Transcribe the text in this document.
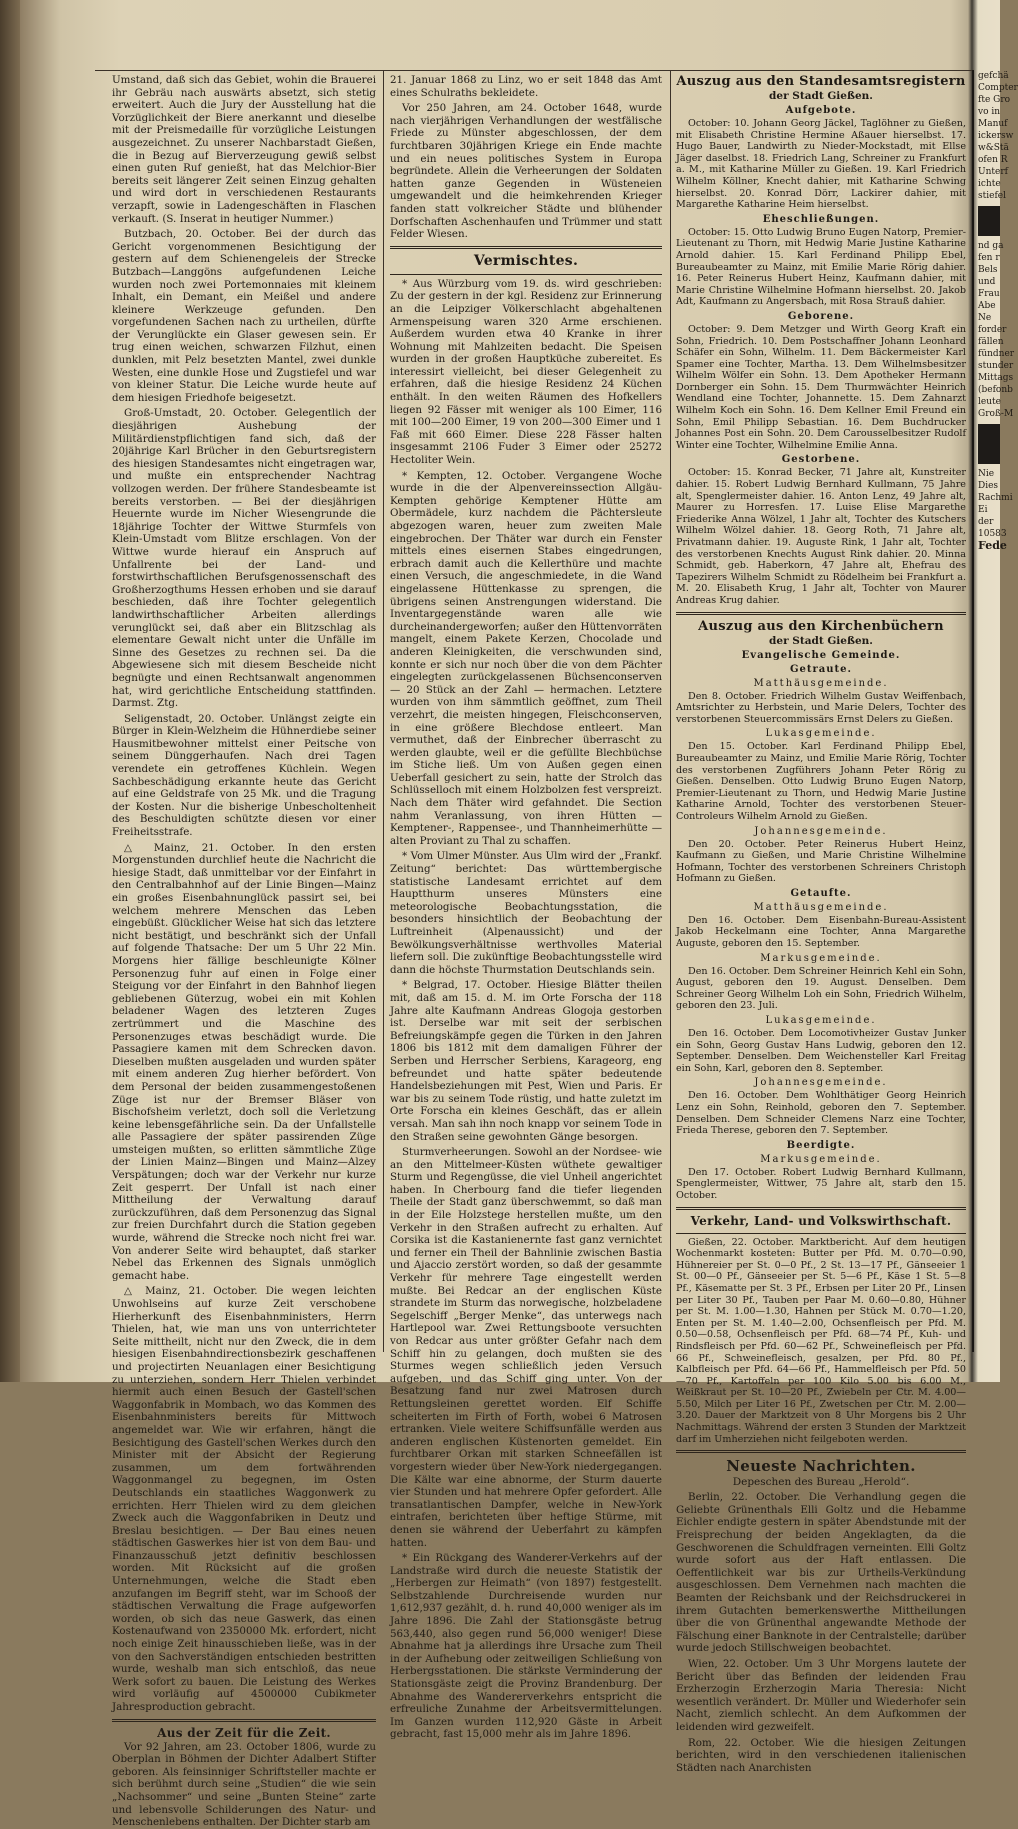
Umstand, daß sich das Gebiet, wohin die Brauerei ihr Gebräu nach auswärts absetzt, sich stetig erweitert. Auch die Jury der Ausstellung hat die Vorzüglichkeit der Biere anerkannt und dieselbe mit der Preismedaille für vorzügliche Leistungen ausgezeichnet. Zu unserer Nachbarstadt Gießen, die in Bezug auf Bierverzeugung gewiß selbst einen guten Ruf genießt, hat das Melchior-Bier bereits seit längerer Zeit seinen Einzug gehalten und wird dort in verschiedenen Restaurants verzapft, sowie in Ladengeschäften in Flaschen verkauft. (S. Inserat in heutiger Nummer.)

Butzbach, 20. October. Bei der durch das Gericht vorgenommenen Besichtigung der gestern auf dem Schienengeleis der Strecke Butzbach—Langgöns aufgefundenen Leiche wurden noch zwei Portemonnaies mit kleinem Inhalt, ein Demant, ein Meißel und andere kleinere Werkzeuge gefunden. Den vorgefundenen Sachen nach zu urtheilen, dürfte der Verunglückte ein Glaser gewesen sein. Er trug einen weichen, schwarzen Filzhut, einen dunklen, mit Pelz besetzten Mantel, zwei dunkle Westen, eine dunkle Hose und Zugstiefel und war von kleiner Statur. Die Leiche wurde heute auf dem hiesigen Friedhofe beigesetzt.

Groß-Umstadt, 20. October. Gelegentlich der diesjährigen Aushebung der Militärdienstpflichtigen fand sich, daß der 20jährige Karl Brücher in den Geburtsregistern des hiesigen Standesamtes nicht eingetragen war, und mußte ein entsprechender Nachtrag vollzogen werden. Der frühere Standesbeamte ist bereits verstorben. — Bei der diesjährigen Heuernte wurde im Nicher Wiesengrunde die 18jährige Tochter der Wittwe Sturmfels von Klein-Umstadt vom Blitze erschlagen. Von der Wittwe wurde hierauf ein Anspruch auf Unfallrente bei der Land- und forstwirthschaftlichen Berufsgenossenschaft des Großherzogthums Hessen erhoben und sie darauf beschieden, daß ihre Tochter gelegentlich landwirthschaftlicher Arbeiten allerdings verunglückt sei, daß aber ein Blitzschlag als elementare Gewalt nicht unter die Unfälle im Sinne des Gesetzes zu rechnen sei. Da die Abgewiesene sich mit diesem Bescheide nicht begnügte und einen Rechtsanwalt angenommen hat, wird gerichtliche Entscheidung stattfinden. Darmst. Ztg.

Seligenstadt, 20. October. Unlängst zeigte ein Bürger in Klein-Welzheim die Hühnerdiebe seiner Hausmitbewohner mittelst einer Peitsche von seinem Dünggerhaufen. Nach drei Tagen verendete ein getroffenes Küchlein. Wegen Sachbeschädigung erkannte heute das Gericht auf eine Geldstrafe von 25 Mk. und die Tragung der Kosten. Nur die bisherige Unbescholtenheit des Beschuldigten schützte diesen vor einer Freiheitsstrafe.

△ Mainz, 21. October. In den ersten Morgenstunden durchlief heute die Nachricht die hiesige Stadt, daß unmittelbar vor der Einfahrt in den Centralbahnhof auf der Linie Bingen—Mainz ein großes Eisenbahnunglück passirt sei, bei welchem mehrere Menschen das Leben eingebüßt. Glücklicher Weise hat sich das letztere nicht bestätigt, und beschränkt sich der Unfall auf folgende Thatsache: Der um 5 Uhr 22 Min. Morgens hier fällige beschleunigte Kölner Personenzug fuhr auf einen in Folge einer Steigung vor der Einfahrt in den Bahnhof liegen gebliebenen Güterzug, wobei ein mit Kohlen beladener Wagen des letzteren Zuges zertrümmert und die Maschine des Personenzuges etwas beschädigt wurde. Die Passagiere kamen mit dem Schrecken davon. Dieselben mußten ausgeladen und wurden später mit einem anderen Zug hierher befördert. Von dem Personal der beiden zusammengestoßenen Züge ist nur der Bremser Bläser von Bischofsheim verletzt, doch soll die Verletzung keine lebensgefährliche sein. Da der Unfallstelle alle Passagiere der später passirenden Züge umsteigen mußten, so erlitten sämmtliche Züge der Linien Mainz—Bingen und Mainz—Alzey Verspätungen; doch war der Verkehr nur kurze Zeit gesperrt. Der Unfall ist nach einer Mittheilung der Verwaltung darauf zurückzuführen, daß dem Personenzug das Signal zur freien Durchfahrt durch die Station gegeben wurde, während die Strecke noch nicht frei war. Von anderer Seite wird behauptet, daß starker Nebel das Erkennen des Signals unmöglich gemacht habe.

△ Mainz, 21. October. Die wegen leichten Unwohlseins auf kurze Zeit verschobene Hierherkunft des Eisenbahnministers, Herrn Thielen, hat, wie man uns von unterrichteter Seite mittheilt, nicht nur den Zweck, die in dem hiesigen Eisenbahndirectionsbezirk geschaffenen und projectirten Neuanlagen einer Besichtigung zu unterziehen, sondern Herr Thielen verbindet hiermit auch einen Besuch der Gastell'schen Waggonfabrik in Mombach, wo das Kommen des Eisenbahnministers bereits für Mittwoch angemeldet war. Wie wir erfahren, hängt die Besichtigung des Gastell'schen Werkes durch den Minister mit der Absicht der Regierung zusammen, um dem fortwährenden Waggonmangel zu begegnen, im Osten Deutschlands ein staatliches Waggonwerk zu errichten. Herr Thielen wird zu dem gleichen Zweck auch die Waggonfabriken in Deutz und Breslau besichtigen. — Der Bau eines neuen städtischen Gaswerkes hier ist von dem Bau- und Finanzausschuß jetzt definitiv beschlossen worden. Mit Rücksicht auf die großen Unternehmungen, welche die Stadt eben anzufangen im Begriff steht, war im Schooß der städtischen Verwaltung die Frage aufgeworfen worden, ob sich das neue Gaswerk, das einen Kostenaufwand von 2350000 Mk. erfordert, nicht noch einige Zeit hinausschieben ließe, was in der von den Sachverständigen entschieden bestritten wurde, weshalb man sich entschloß, das neue Werk sofort zu bauen. Die Leistung des Werkes wird vorläufig auf 4500000 Cubikmeter Jahresproduction gebracht.

Aus der Zeit für die Zeit.

Vor 92 Jahren, am 23. October 1806, wurde zu Oberplan in Böhmen der Dichter Adalbert Stifter geboren. Als feinsinniger Schriftsteller machte er sich berühmt durch seine „Studien“ die wie sein „Nachsommer“ und seine „Bunten Steine“ zarte und lebensvolle Schilderungen des Natur- und Menschenlebens enthalten. Der Dichter starb am

21. Januar 1868 zu Linz, wo er seit 1848 das Amt eines Schulraths bekleidete.

Vor 250 Jahren, am 24. October 1648, wurde nach vierjährigen Verhandlungen der westfälische Friede zu Münster abgeschlossen, der dem furchtbaren 30jährigen Kriege ein Ende machte und ein neues politisches System in Europa begründete. Allein die Verheerungen der Soldaten hatten ganze Gegenden in Wüsteneien umgewandelt und die heimkehrenden Krieger fanden statt volkreicher Städte und blühender Dorfschaften Aschenhaufen und Trümmer und statt Felder Wiesen.

Vermischtes.

* Aus Würzburg vom 19. ds. wird geschrieben: Zu der gestern in der kgl. Residenz zur Erinnerung an die Leipziger Völkerschlacht abgehaltenen Armenspeisung waren 320 Arme erschienen. Außerdem wurden etwa 40 Kranke in ihrer Wohnung mit Mahlzeiten bedacht. Die Speisen wurden in der großen Hauptküche zubereitet. Es interessirt vielleicht, bei dieser Gelegenheit zu erfahren, daß die hiesige Residenz 24 Küchen enthält. In den weiten Räumen des Hofkellers liegen 92 Fässer mit weniger als 100 Eimer, 116 mit 100—200 Eimer, 19 von 200—300 Eimer und 1 Faß mit 660 Eimer. Diese 228 Fässer halten insgesammt 2106 Fuder 3 Eimer oder 25272 Hectoliter Wein.

* Kempten, 12. October. Vergangene Woche wurde in die der Alpenvereinssection Allgäu-Kempten gehörige Kemptener Hütte am Obermädele, kurz nachdem die Pächtersleute abgezogen waren, heuer zum zweiten Male eingebrochen. Der Thäter war durch ein Fenster mittels eines eisernen Stabes eingedrungen, erbrach damit auch die Kellerthüre und machte einen Versuch, die angeschmiedete, in die Wand eingelassene Hüttenkasse zu sprengen, die übrigens seinen Anstrengungen widerstand. Die Inventargegenstände waren alle wie durcheinandergeworfen; außer den Hüttenvorräten mangelt, einem Pakete Kerzen, Chocolade und anderen Kleinigkeiten, die verschwunden sind, konnte er sich nur noch über die von dem Pächter eingelegten zurückgelassenen Büchsenconserven — 20 Stück an der Zahl — hermachen. Letztere wurden von ihm sämmtlich geöffnet, zum Theil verzehrt, die meisten hingegen, Fleischconserven, in eine größere Blechdose entleert. Man vermuthet, daß der Einbrecher überrascht zu werden glaubte, weil er die gefüllte Blechbüchse im Stiche ließ. Um von Außen gegen einen Ueberfall gesichert zu sein, hatte der Strolch das Schlüsselloch mit einem Holzbolzen fest verspreizt. Nach dem Thäter wird gefahndet. Die Section nahm Veranlassung, von ihren Hütten — Kemptener-, Rappensee-, und Thannheimerhütte — alten Proviant zu Thal zu schaffen.

* Vom Ulmer Münster. Aus Ulm wird der „Frankf. Zeitung“ berichtet: Das württembergische statistische Landesamt errichtet auf dem Hauptthurm unseres Münsters eine meteorologische Beobachtungsstation, die besonders hinsichtlich der Beobachtung der Luftreinheit (Alpenaussicht) und der Bewölkungsverhältnisse werthvolles Material liefern soll. Die zukünftige Beobachtungsstelle wird dann die höchste Thurmstation Deutschlands sein.

* Belgrad, 17. October. Hiesige Blätter theilen mit, daß am 15. d. M. im Orte Forscha der 118 Jahre alte Kaufmann Andreas Glogoja gestorben ist. Derselbe war mit seit der serbischen Befreiungskämpfe gegen die Türken in den Jahren 1806 bis 1812 mit dem damaligen Führer der Serben und Herrscher Serbiens, Karageorg, eng befreundet und hatte später bedeutende Handelsbeziehungen mit Pest, Wien und Paris. Er war bis zu seinem Tode rüstig, und hatte zuletzt im Orte Forscha ein kleines Geschäft, das er allein versah. Man sah ihn noch knapp vor seinem Tode in den Straßen seine gewohnten Gänge besorgen.

Sturmverheerungen. Sowohl an der Nordsee- wie an den Mittelmeer-Küsten wüthete gewaltiger Sturm und Regengüsse, die viel Unheil angerichtet haben. In Cherbourg fand die tiefer liegenden Theile der Stadt ganz überschwemmt, so daß man in der Eile Holzstege herstellen mußte, um den Verkehr in den Straßen aufrecht zu erhalten. Auf Corsika ist die Kastanienernte fast ganz vernichtet und ferner ein Theil der Bahnlinie zwischen Bastia und Ajaccio zerstört worden, so daß der gesammte Verkehr für mehrere Tage eingestellt werden mußte. Bei Redcar an der englischen Küste strandete im Sturm das norwegische, holzbeladene Segelschiff „Berger Menke“, das unterwegs nach Hartlepool war. Zwei Rettungsboote versuchten von Redcar aus unter größter Gefahr nach dem Schiff hin zu gelangen, doch mußten sie des Sturmes wegen schließlich jeden Versuch aufgeben, und das Schiff ging unter. Von der Besatzung fand nur zwei Matrosen durch Rettungsleinen gerettet worden. Elf Schiffe scheiterten im Firth of Forth, wobei 6 Matrosen ertranken. Viele weitere Schiffsunfälle werden aus anderen englischen Küstenorten gemeldet. Ein furchtbarer Orkan mit starken Schneefällen ist vorgestern wieder über New-York niedergegangen. Die Kälte war eine abnorme, der Sturm dauerte vier Stunden und hat mehrere Opfer gefordert. Alle transatlantischen Dampfer, welche in New-York eintrafen, berichteten über heftige Stürme, mit denen sie während der Ueberfahrt zu kämpfen hatten.

* Ein Rückgang des Wanderer-Verkehrs auf der Landstraße wird durch die neueste Statistik der „Herbergen zur Heimath“ (von 1897) festgestellt. Selbstzahlende Durchreisende wurden nur 1,612,937 gezählt, d. h. rund 40,000 weniger als im Jahre 1896. Die Zahl der Stationsgäste betrug 563,440, also gegen rund 56,000 weniger! Diese Abnahme hat ja allerdings ihre Ursache zum Theil in der Aufhebung oder zeitweiligen Schließung von Herbergsstationen. Die stärkste Verminderung der Stationsgäste zeigt die Provinz Brandenburg. Der Abnahme des Wandererverkehrs entspricht die erfreuliche Zunahme der Arbeitsvermittelungen. Im Ganzen wurden 112,920 Gäste in Arbeit gebracht, fast 15,000 mehr als im Jahre 1896.

Auszug aus den Standesamtsregistern
der Stadt Gießen.
Aufgebote.

October: 10. Johann Georg Jäckel, Taglöhner zu Gießen, mit Elisabeth Christine Hermine Aßauer hierselbst. 17. Hugo Bauer, Landwirth zu Nieder-Mockstadt, mit Ellse Jäger daselbst. 18. Friedrich Lang, Schreiner zu Frankfurt a. M., mit Katharine Müller zu Gießen. 19. Karl Friedrich Wilhelm Köllner, Knecht dahier, mit Katharine Schwing hierselbst. 20. Konrad Dörr, Lackirer dahier, mit Margarethe Katharine Heim hierselbst.

Eheschließungen.

October: 15. Otto Ludwig Bruno Eugen Natorp, Premier-Lieutenant zu Thorn, mit Hedwig Marie Justine Katharine Arnold dahier. 15. Karl Ferdinand Philipp Ebel, Bureaubeamter zu Mainz, mit Emilie Marie Rörig dahier. 16. Peter Reinerus Hubert Heinz, Kaufmann dahier, mit Marie Christine Wilhelmine Hofmann hierselbst. 20. Jakob Adt, Kaufmann zu Angersbach, mit Rosa Strauß dahier.

Geborene.

October: 9. Dem Metzger und Wirth Georg Kraft ein Sohn, Friedrich. 10. Dem Postschaffner Johann Leonhard Schäfer ein Sohn, Wilhelm. 11. Dem Bäckermeister Karl Spamer eine Tochter, Martha. 13. Dem Wilhelmsbesitzer Wilhelm Wölfer ein Sohn. 13. Dem Apotheker Hermann Dornberger ein Sohn. 15. Dem Thurmwächter Heinrich Wendland eine Tochter, Johannette. 15. Dem Zahnarzt Wilhelm Koch ein Sohn. 16. Dem Kellner Emil Freund ein Sohn, Emil Philipp Sebastian. 16. Dem Buchdrucker Johannes Post ein Sohn. 20. Dem Carousselbesitzer Rudolf Winter eine Tochter, Wilhelmine Emilie Anna.

Gestorbene.

October: 15. Konrad Becker, 71 Jahre alt, Kunstreiter dahier. 15. Robert Ludwig Bernhard Kullmann, 75 Jahre alt, Spenglermeister dahier. 16. Anton Lenz, 49 Jahre alt, Maurer zu Horresfen. 17. Luise Elise Margarethe Friederike Anna Wölzel, 1 Jahr alt, Tochter des Kutschers Wilhelm Wölzel dahier. 18. Georg Roth, 71 Jahre alt, Privatmann dahier. 19. Auguste Rink, 1 Jahr alt, Tochter des verstorbenen Knechts August Rink dahier. 20. Minna Schmidt, geb. Haberkorn, 47 Jahre alt, Ehefrau des Tapezirers Wilhelm Schmidt zu Rödelheim bei Frankfurt a. M. 20. Elisabeth Krug, 1 Jahr alt, Tochter von Maurer Andreas Krug dahier.

Auszug aus den Kirchenbüchern
der Stadt Gießen.
Evangelische Gemeinde.
Getraute.
Matthäusgemeinde.

Den 8. October. Friedrich Wilhelm Gustav Weiffenbach, Amtsrichter zu Herbstein, und Marie Delers, Tochter des verstorbenen Steuercommissärs Ernst Delers zu Gießen.

Lukasgemeinde.

Den 15. October. Karl Ferdinand Philipp Ebel, Bureaubeamter zu Mainz, und Emilie Marie Rörig, Tochter des verstorbenen Zugführers Johann Peter Rörig zu Gießen. Denselben. Otto Ludwig Bruno Eugen Natorp, Premier-Lieutenant zu Thorn, und Hedwig Marie Justine Katharine Arnold, Tochter des verstorbenen Steuer-Controleurs Wilhelm Arnold zu Gießen.

Johannesgemeinde.

Den 20. October. Peter Reinerus Hubert Heinz, Kaufmann zu Gießen, und Marie Christine Wilhelmine Hofmann, Tochter des verstorbenen Schreiners Christoph Hofmann zu Gießen.

Getaufte.
Matthäusgemeinde.

Den 16. October. Dem Eisenbahn-Bureau-Assistent Jakob Heckelmann eine Tochter, Anna Margarethe Auguste, geboren den 15. September.

Markusgemeinde.

Den 16. October. Dem Schreiner Heinrich Kehl ein Sohn, August, geboren den 19. August. Denselben. Dem Schreiner Georg Wilhelm Loh ein Sohn, Friedrich Wilhelm, geboren den 23. Juli.

Lukasgemeinde.

Den 16. October. Dem Locomotivheizer Gustav Junker ein Sohn, Georg Gustav Hans Ludwig, geboren den 12. September. Denselben. Dem Weichensteller Karl Freitag ein Sohn, Karl, geboren den 8. September.

Johannesgemeinde.

Den 16. October. Dem Wohlthätiger Georg Heinrich Lenz ein Sohn, Reinhold, geboren den 7. September. Denselben. Dem Schneider Clemens Narz eine Tochter, Frieda Therese, geboren den 7. September.

Beerdigte.
Markusgemeinde.

Den 17. October. Robert Ludwig Bernhard Kullmann, Spenglermeister, Wittwer, 75 Jahre alt, starb den 15. October.

Verkehr, Land- und Volkswirthschaft.

Gießen, 22. October. Marktbericht. Auf dem heutigen Wochenmarkt kosteten: Butter per Pfd. M. 0.70—0.90, Hühnereier per St. 0—0 Pf., 2 St. 13—17 Pf., Gänseeier 1 St. 00—0 Pf., Gänseeier per St. 5—6 Pf., Käse 1 St. 5—8 Pf., Käsematte per St. 3 Pf., Erbsen per Liter 20 Pf., Linsen per Liter 30 Pf., Tauben per Paar M. 0.60—0.80, Hühner per St. M. 1.00—1.30, Hahnen per Stück M. 0.70—1.20, Enten per St. M. 1.40—2.00, Ochsenfleisch per Pfd. M. 0.50—0.58, Ochsenfleisch per Pfd. 68—74 Pf., Kuh- und Rindsfleisch per Pfd. 60—62 Pf., Schweinefleisch per Pfd. 66 Pf., Schweinefleisch, gesalzen, per Pfd. 80 Pf., Kalbfleisch per Pfd. 64—66 Pf., Hammelfleisch per Pfd. 50—70 Pf., Kartoffeln per 100 Kilo 5.00 bis 6.00 M., Weißkraut per St. 10—20 Pf., Zwiebeln per Ctr. M. 4.00—5.50, Milch per Liter 16 Pf., Zwetschen per Ctr. M. 2.00—3.20. Dauer der Marktzeit von 8 Uhr Morgens bis 2 Uhr Nachmittags. Während der ersten 3 Stunden der Marktzeit darf im Umherziehen nicht feilgeboten werden.

Neueste Nachrichten.
Depeschen des Bureau „Herold“.

Berlin, 22. October. Die Verhandlung gegen die Geliebte Grünenthals Elli Goltz und die Hebamme Eichler endigte gestern in später Abendstunde mit der Freisprechung der beiden Angeklagten, da die Geschworenen die Schuldfragen verneinten. Elli Goltz wurde sofort aus der Haft entlassen. Die Oeffentlichkeit war bis zur Urtheils-Verkündung ausgeschlossen. Dem Vernehmen nach machten die Beamten der Reichsbank und der Reichsdruckerei in ihrem Gutachten bemerkenswerthe Mittheilungen über die von Grünenthal angewandte Methode der Fälschung einer Banknote in der Centralstelle; darüber wurde jedoch Stillschweigen beobachtet.

Wien, 22. October. Um 3 Uhr Morgens lautete der Bericht über das Befinden der leidenden Frau Erzherzogin Erzherzogin Maria Theresia: Nicht wesentlich verändert. Dr. Müller und Wiederhofer sein Nacht, ziemlich schlecht. An dem Aufkommen der leidenden wird gezweifelt.

Rom, 22. October. Wie die hiesigen Zeitungen berichten, wird in den verschiedenen italienischen Städten nach Anarchisten

gefchä
Compter
fte Gro
vo in
Manuf
ickersw
w&Stä
ofen R
Unterf
ichte
stiefel
nd ga
fen r
Bels
und
Frau
Abe
Ne
forder
fällen
fündner
stunder
Mittags
(befonb
leute
Groß-M
Nie
Dies
Rachmi
Ei
der
10583
Fede
